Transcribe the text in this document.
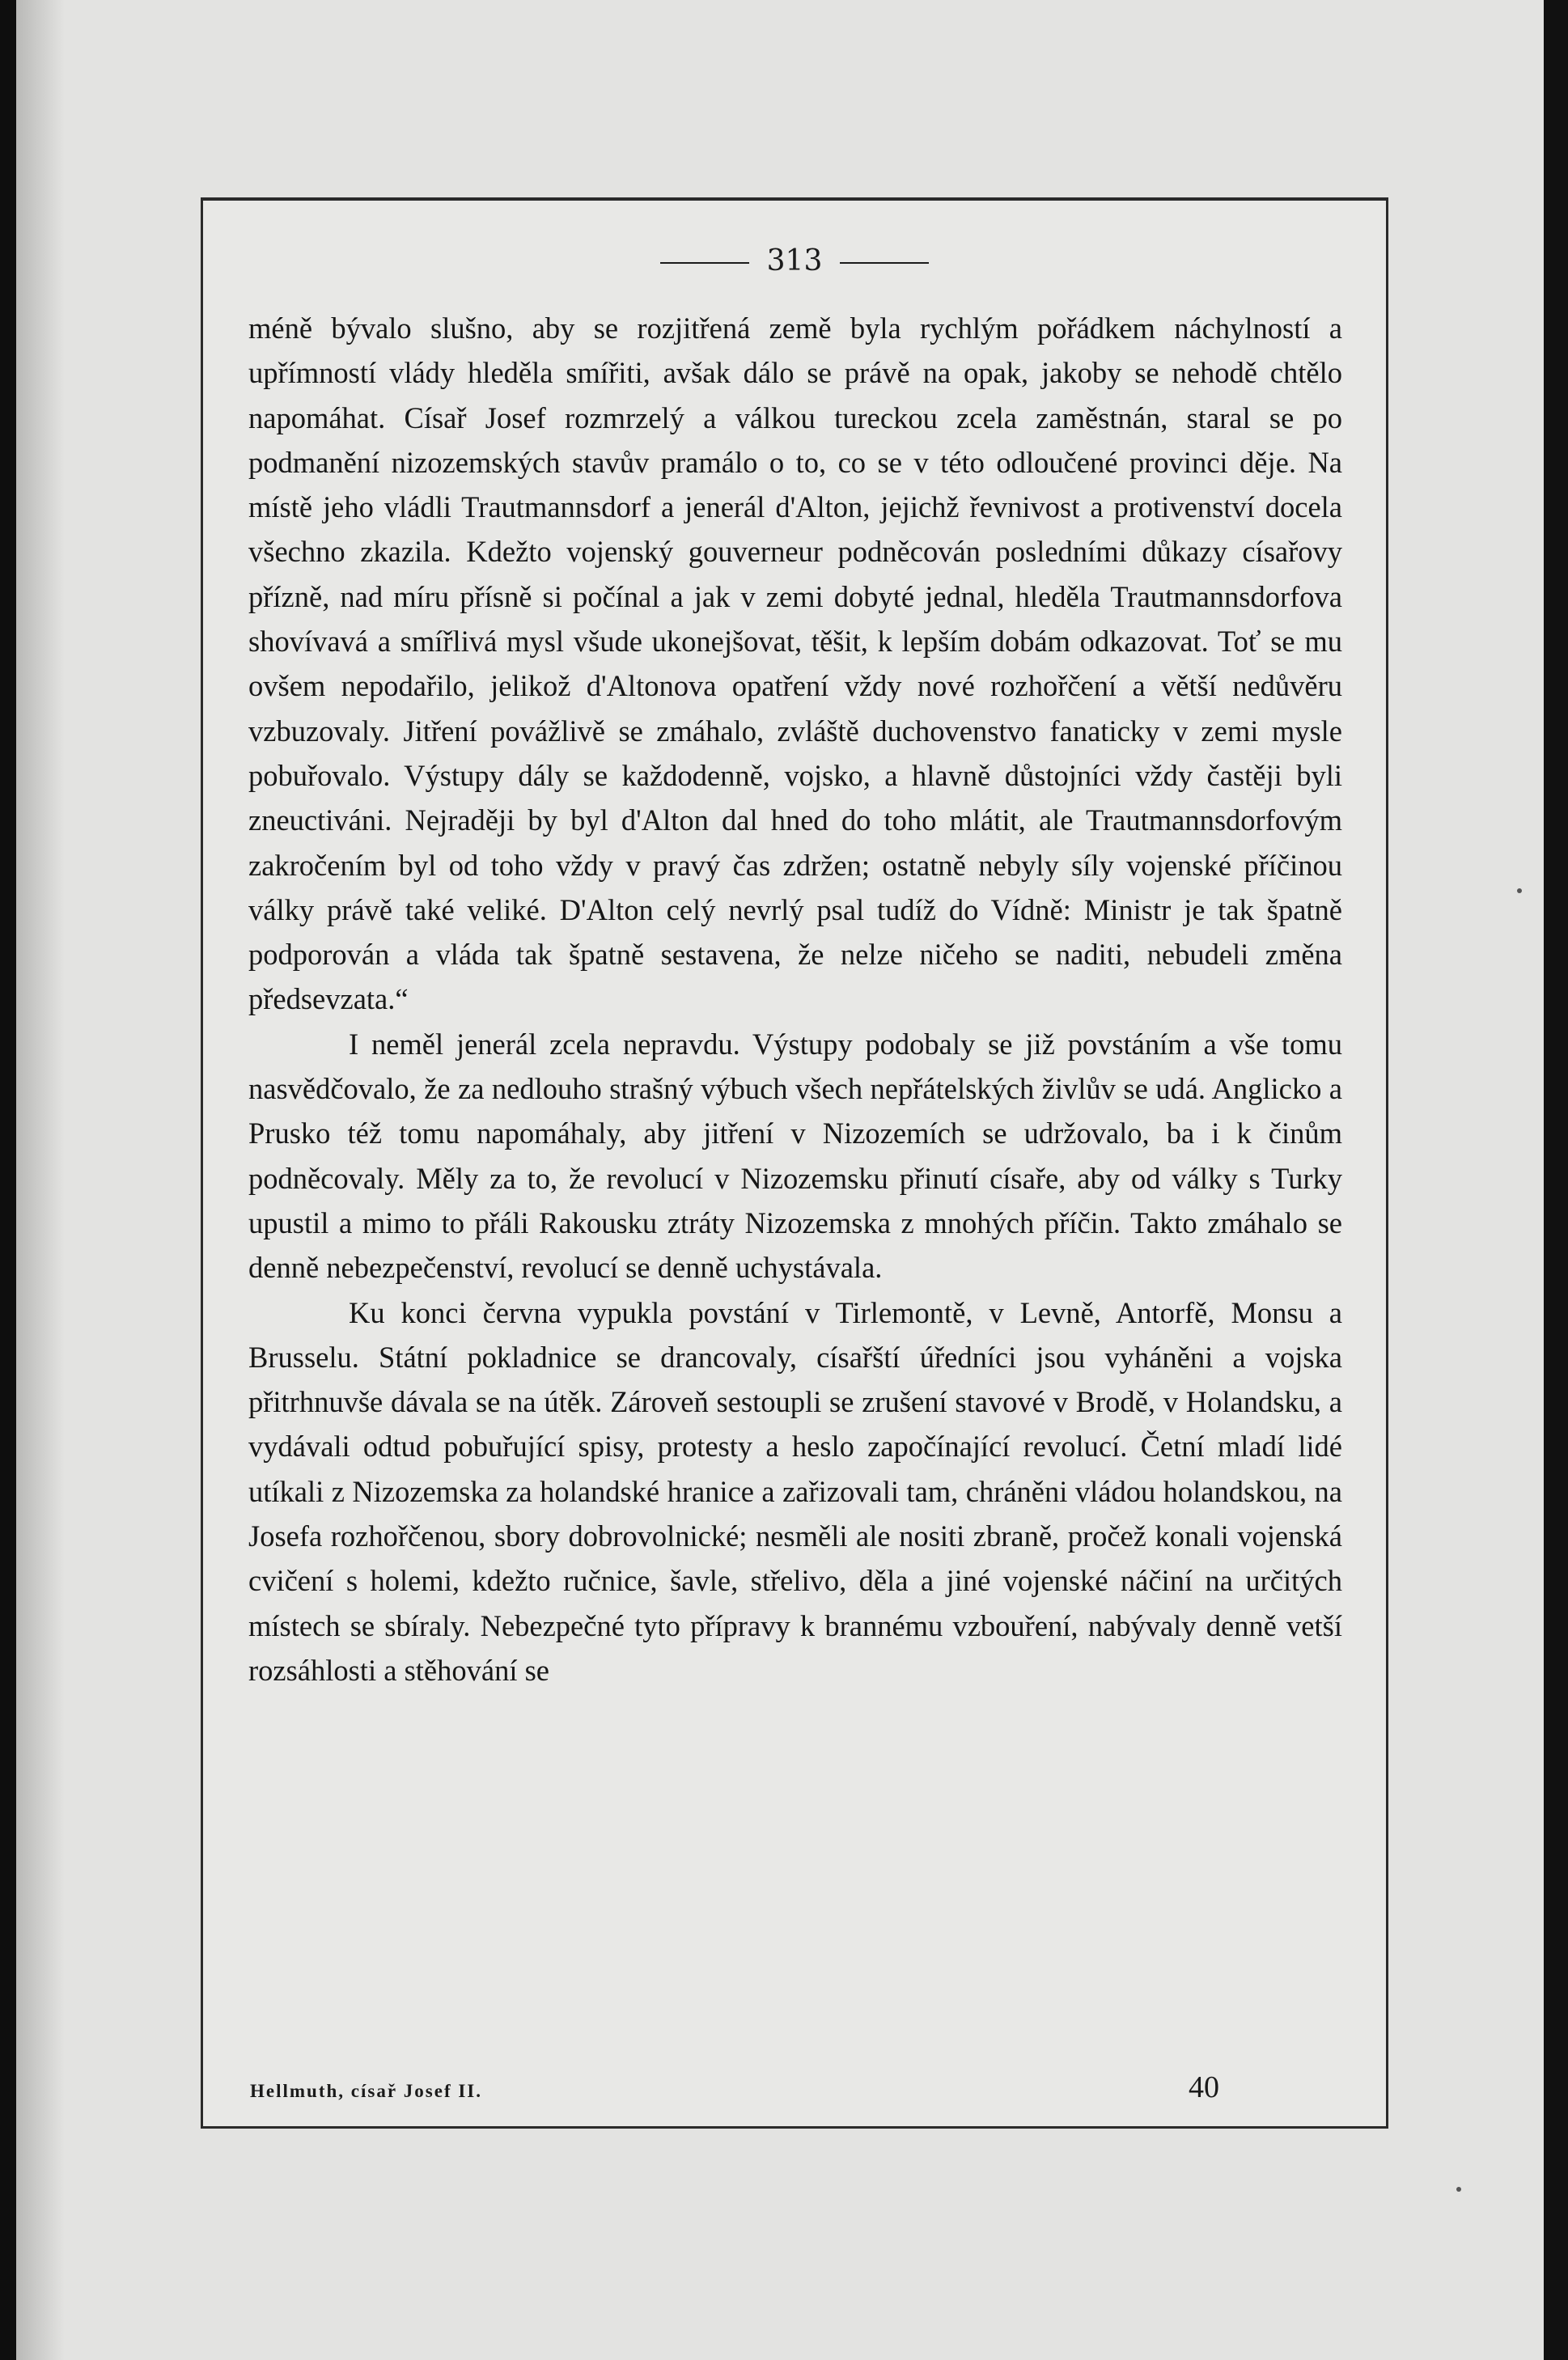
313

méně bývalo slušno, aby se rozjitřená země byla rychlým pořádkem náchylností a upřímností vlády hleděla smířiti, avšak dálo se právě na opak, jakoby se nehodě chtělo napomáhat. Císař Josef rozmrzelý a válkou tureckou zcela zaměstnán, staral se po podmanění nizozemských stavův pramálo o to, co se v této odloučené provinci děje. Na místě jeho vládli Trautmannsdorf a jenerál d'Alton, jejichž řevnivost a protivenství docela všechno zkazila. Kdežto vojenský gouverneur podněcován posledními důkazy císařovy přízně, nad míru přísně si počínal a jak v zemi dobyté jednal, hleděla Trautmannsdorfova shovívavá a smířlivá mysl všude ukonejšovat, těšit, k lepším dobám odkazovat. Toť se mu ovšem nepodařilo, jelikož d'Altonova opatření vždy nové rozhořčení a větší nedůvěru vzbuzovaly. Jitření povážlivě se zmáhalo, zvláště duchovenstvo fanaticky v zemi mysle pobuřovalo. Výstupy dály se každodenně, vojsko, a hlavně důstojníci vždy častěji byli zneuctiváni. Nejraději by byl d'Alton dal hned do toho mlátit, ale Trautmannsdorfovým zakročením byl od toho vždy v pravý čas zdržen; ostatně nebyly síly vojenské příčinou války právě také veliké. D'Alton celý nevrlý psal tudíž do Vídně: Ministr je tak špatně podporován a vláda tak špatně sestavena, že nelze ničeho se naditi, nebudeli změna předsevzata.“

I neměl jenerál zcela nepravdu. Výstupy podobaly se již povstáním a vše tomu nasvědčovalo, že za nedlouho strašný výbuch všech nepřátelských živlův se udá. Anglicko a Prusko též tomu napomáhaly, aby jitření v Nizozemích se udržovalo, ba i k činům podněcovaly. Měly za to, že revolucí v Nizozemsku přinutí císaře, aby od války s Turky upustil a mimo to přáli Rakousku ztráty Nizozemska z mnohých příčin. Takto zmáhalo se denně nebezpečenství, revolucí se denně uchystávala.

Ku konci června vypukla povstání v Tirlemontě, v Levně, Antorfě, Monsu a Brusselu. Státní pokladnice se drancovaly, císařští úředníci jsou vyháněni a vojska přitrhnuvše dávala se na útěk. Zároveň sestoupli se zrušení stavové v Brodě, v Holandsku, a vydávali odtud pobuřující spisy, protesty a heslo započínající revolucí. Četní mladí lidé utíkali z Nizozemska za holandské hranice a zařizovali tam, chráněni vládou holandskou, na Josefa rozhořčenou, sbory dobrovolnické; nesměli ale nositi zbraně, pročež konali vojenská cvičení s holemi, kdežto ručnice, šavle, střelivo, děla a jiné vojenské náčiní na určitých místech se sbíraly. Nebezpečné tyto přípravy k brannému vzbouření, nabývaly denně vetší rozsáhlosti a stěhování se

Hellmuth, císař Josef II.	40
